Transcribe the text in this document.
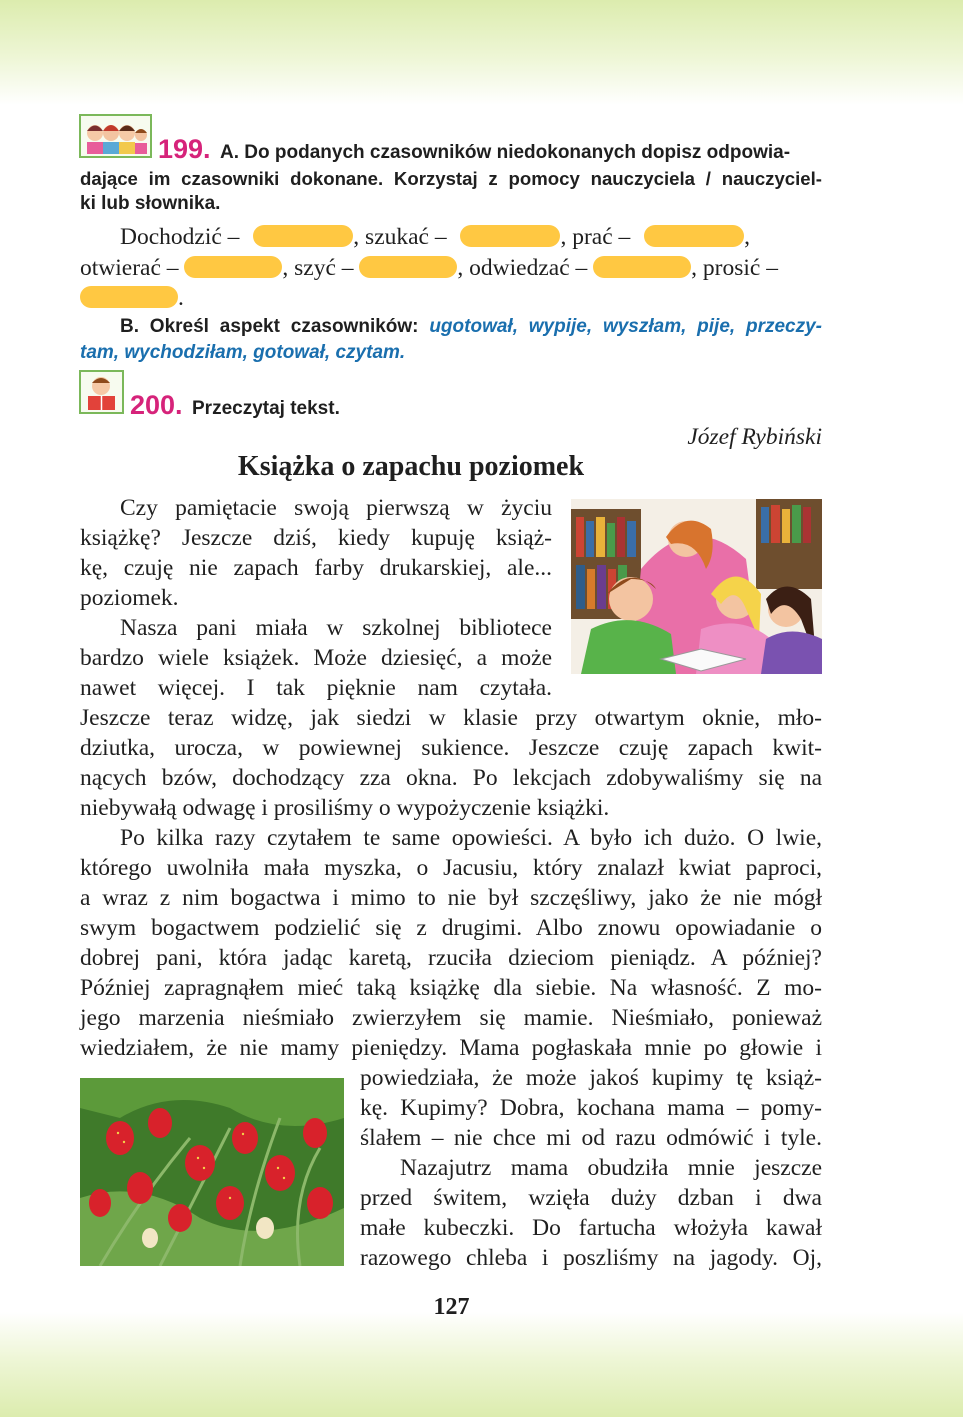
199. A. Do podanych czasowników niedokonanych dopisz odpowia-
dające im czasowniki dokonane. Korzystaj z pomocy nauczyciela / nauczyciel-
ki lub słownika.
Dochodzić –	, szukać –	, prać –	,
otwierać –	, szyć –	, odwiedzać –	, prosić –
.
B. Określ aspekt czasowników: ugotował, wypije, wyszłam, pije, przeczy-
tam, wychodziłam, gotował, czytam.
200. Przeczytaj tekst.
Józef Rybiński
Książka o zapachu poziomek
Czy pamiętacie swoją pierwszą w życiu
książkę? Jeszcze dziś, kiedy kupuję książ-
kę, czuję nie zapach farby drukarskiej, ale...
poziomek.
Nasza pani miała w szkolnej bibliotece
bardzo wiele książek. Może dziesięć, a może
nawet więcej. I tak pięknie nam czytała.
Jeszcze teraz widzę, jak siedzi w klasie przy otwartym oknie, mło-
dziutka, urocza, w powiewnej sukience. Jeszcze czuję zapach kwit-
nących bzów, dochodzący zza okna. Po lekcjach zdobywaliśmy się na
niebywałą odwagę i prosiliśmy o wypożyczenie książki.
Po kilka razy czytałem te same opowieści. A było ich dużo. O lwie,
którego uwolniła mała myszka, o Jacusiu, który znalazł kwiat paproci,
a wraz z nim bogactwa i mimo to nie był szczęśliwy, jako że nie mógł
swym bogactwem podzielić się z drugimi. Albo znowu opowiadanie o
dobrej pani, która jadąc karetą, rzuciła dzieciom pieniądz. A później?
Później zapragnąłem mieć taką książkę dla siebie. Na własność. Z mo-
jego marzenia nieśmiało zwierzyłem się mamie. Nieśmiało, ponieważ
wiedziałem, że nie mamy pieniędzy. Mama pogłaskała mnie po głowie i
powiedziała, że może jakoś kupimy tę książ-
kę. Kupimy? Dobra, kochana mama – pomy-
ślałem – nie chce mi od razu odmówić i tyle.
Nazajutrz mama obudziła mnie jeszcze
przed świtem, wzięła duży dzban i dwa
małe kubeczki. Do fartucha włożyła kawał
razowego chleba i poszliśmy na jagody. Oj,
127
